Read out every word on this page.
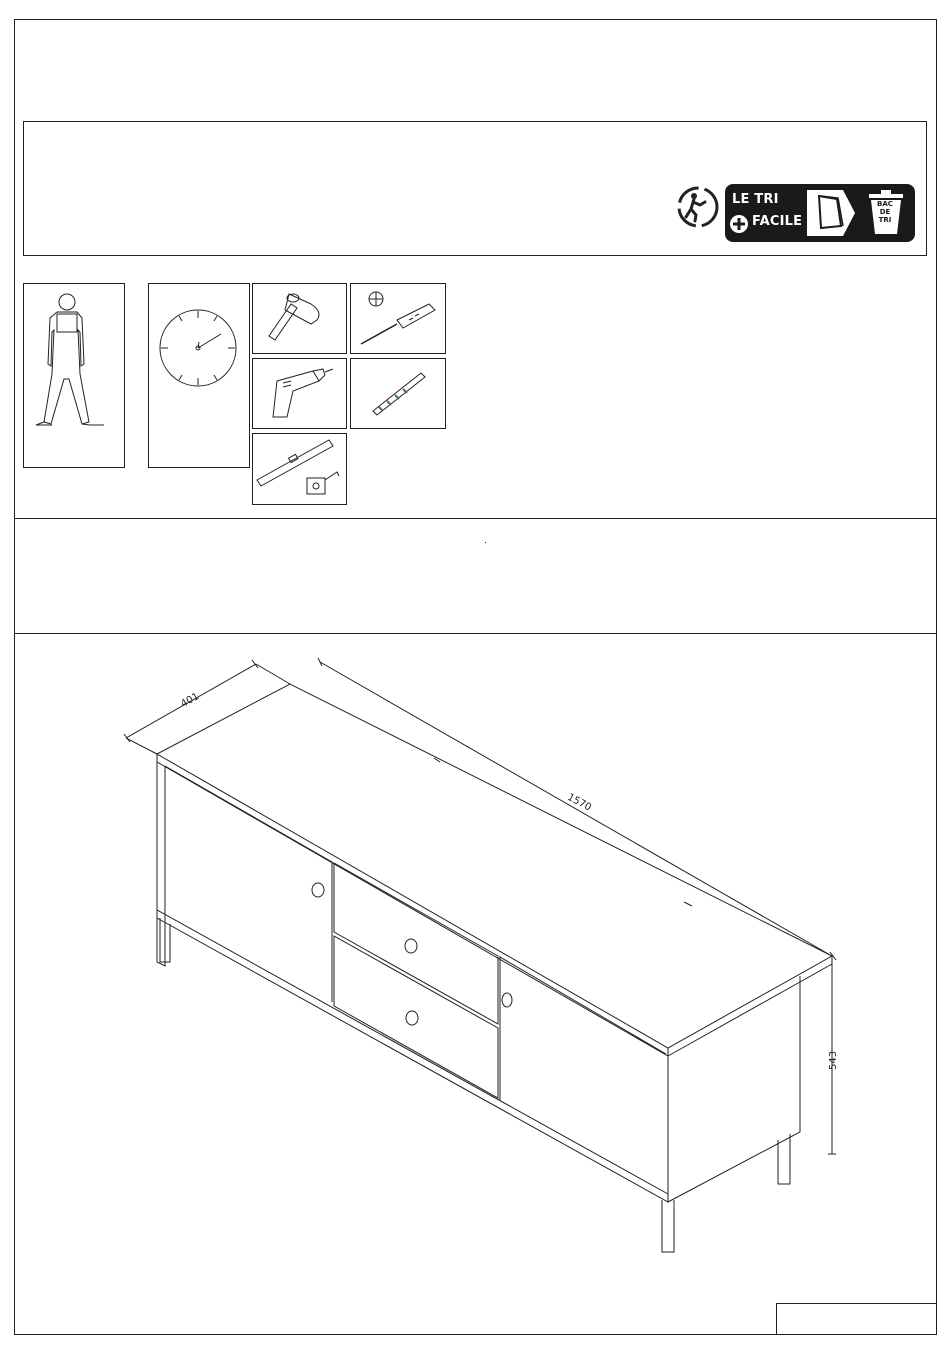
LE TRI
FACILE
BAC DE TRI
401
1570
543
